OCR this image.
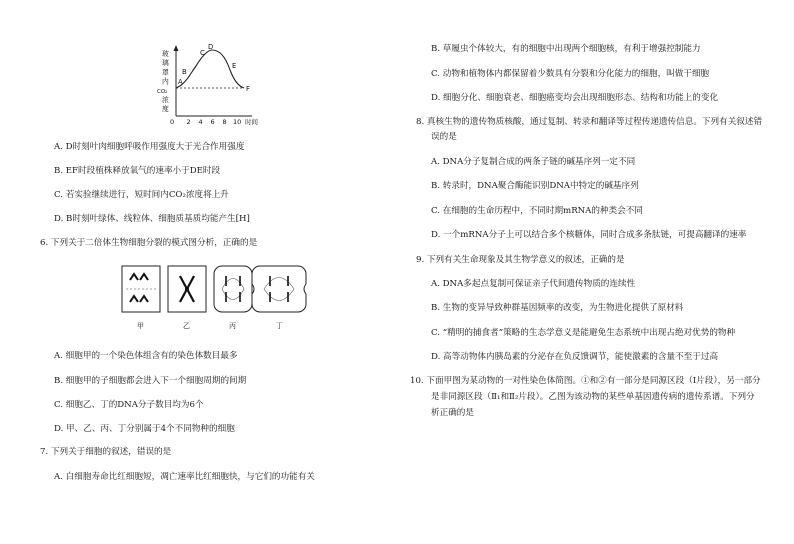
玻
璃
罩
内
CO₂
浓
度
A
B
C
D
E
F
0 2 4 6 8 10 时间
A. D时刻叶肉细胞呼吸作用强度大于光合作用强度
B. EF时段植株释放氧气的速率小于DE时段
C. 若实验继续进行，短时间内CO₂浓度将上升
D. B时刻叶绿体、线粒体、细胞质基质均能产生[H]
6. 下列关于二倍体生物细胞分裂的模式图分析，正确的是
甲	乙	丙	丁
A. 细胞甲的一个染色体组含有的染色体数目最多
B. 细胞甲的子细胞都会进入下一个细胞周期的间期
C. 细胞乙、丁的DNA分子数目均为6个
D. 甲、乙、丙、丁分别属于4个不同物种的细胞
7. 下列关于细胞的叙述，错误的是
A. 白细胞寿命比红细胞短，凋亡速率比红细胞快，与它们的功能有关
B. 草履虫个体较大，有的细胞中出现两个细胞核，有利于增强控制能力
C. 动物和植物体内都保留着少数具有分裂和分化能力的细胞，叫做干细胞
D. 细胞分化、细胞衰老、细胞癌变均会出现细胞形态、结构和功能上的变化
8. 真核生物的遗传物质核酸，通过复制、转录和翻译等过程传递遗传信息。下列有关叙述错
误的是
A. DNA分子复制合成的两条子链的碱基序列一定不同
B. 转录时，DNA聚合酶能识别DNA中特定的碱基序列
C. 在细胞的生命历程中，不同时期mRNA的种类会不同
D. 一个mRNA分子上可以结合多个核糖体，同时合成多条肽链，可提高翻译的速率
9. 下列有关生命现象及其生物学意义的叙述，正确的是
A. DNA多起点复制可保证亲子代间遗传物质的连续性
B. 生物的变异导致种群基因频率的改变，为生物进化提供了原材料
C. “精明的捕食者”策略的生态学意义是能避免生态系统中出现占绝对优势的物种
D. 高等动物体内胰岛素的分泌存在负反馈调节，能使激素的含量不至于过高
10. 下面甲图为某动物的一对性染色体简图。①和②有一部分是同源区段（Ⅰ片段），另一部分
是非同源区段（Ⅱ₁和Ⅱ₂片段）。乙图为该动物的某些单基因遗传病的遗传系谱。下列分
析正确的是
